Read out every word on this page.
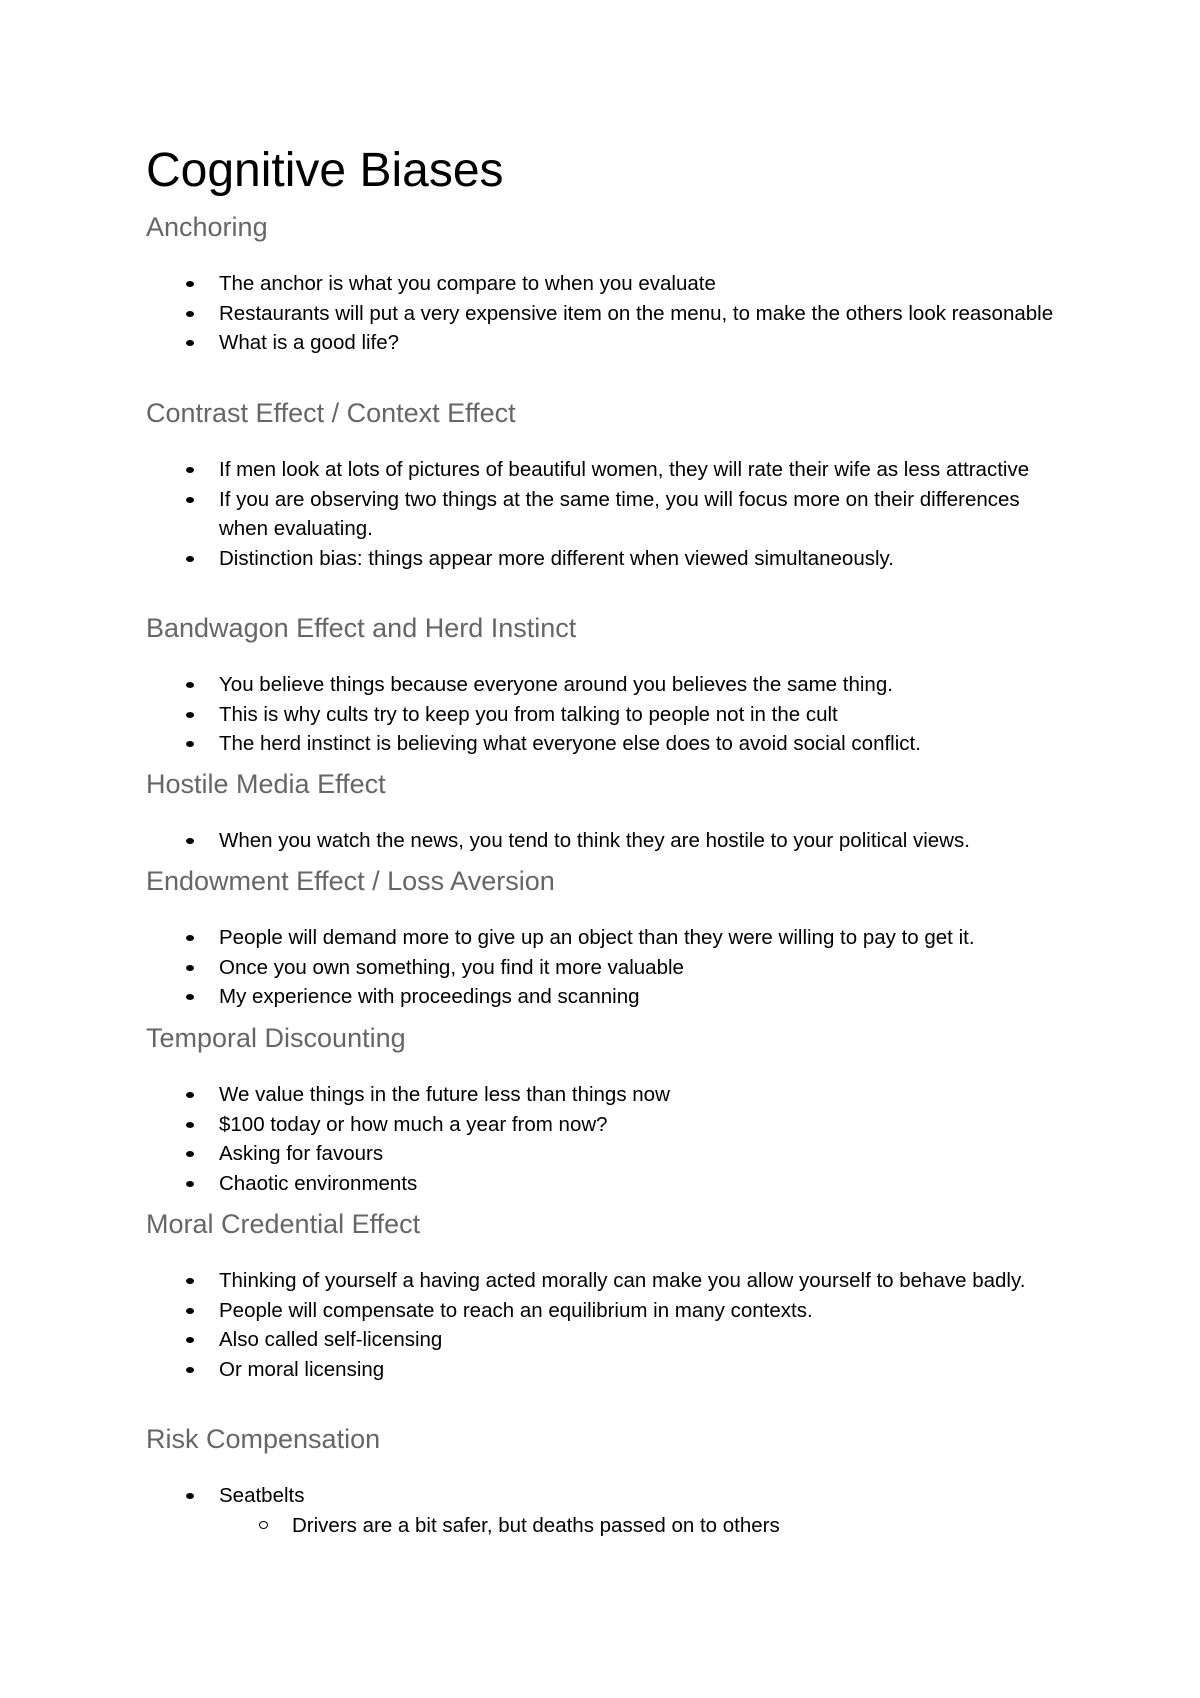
Cognitive Biases
Anchoring
The anchor is what you compare to when you evaluate
Restaurants will put a very expensive item on the menu, to make the others look reasonable
What is a good life?
Contrast Effect / Context Effect
If men look at lots of pictures of beautiful women, they will rate their wife as less attractive
If you are observing two things at the same time, you will focus more on their differences when evaluating.
Distinction bias: things appear more different when viewed simultaneously.
Bandwagon Effect and Herd Instinct
You believe things because everyone around you believes the same thing.
This is why cults try to keep you from talking to people not in the cult
The herd instinct is believing what everyone else does to avoid social conflict.
Hostile Media Effect
When you watch the news, you tend to think they are hostile to your political views.
Endowment Effect / Loss Aversion
People will demand more to give up an object than they were willing to pay to get it.
Once you own something, you find it more valuable
My experience with proceedings and scanning
Temporal Discounting
We value things in the future less than things now
$100 today or how much a year from now?
Asking for favours
Chaotic environments
Moral Credential Effect
Thinking of yourself a having acted morally can make you allow yourself to behave badly.
People will compensate to reach an equilibrium in many contexts.
Also called self-licensing
Or moral licensing
Risk Compensation
Seatbelts
Drivers are a bit safer, but deaths passed on to others
